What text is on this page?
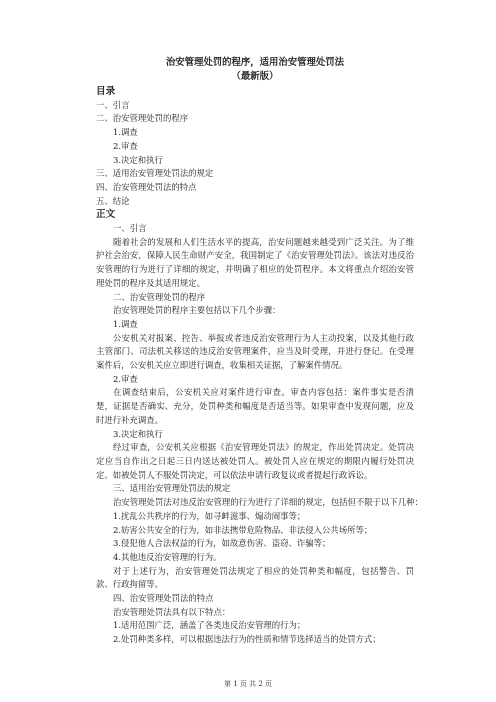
治安管理处罚的程序，适用治安管理处罚法

（最新版）

目录

一、引言

二、治安管理处罚的程序

1.调查

2.审查

3.决定和执行

三、适用治安管理处罚法的规定

四、治安管理处罚法的特点

五、结论

正文

一、引言

随着社会的发展和人们生活水平的提高，治安问题越来越受到广泛关注。为了维护社会治安，保障人民生命财产安全，我国制定了《治安管理处罚法》。该法对违反治安管理的行为进行了详细的规定，并明确了相应的处罚程序。本文将重点介绍治安管理处罚的程序及其适用规定。

二、治安管理处罚的程序

治安管理处罚的程序主要包括以下几个步骤：

1.调查

公安机关对报案、控告、举报或者违反治安管理行为人主动投案，以及其他行政主管部门、司法机关移送的违反治安管理案件，应当及时受理，并进行登记。在受理案件后，公安机关应立即进行调查，收集相关证据，了解案件情况。

2.审查

在调查结束后，公安机关应对案件进行审查。审查内容包括：案件事实是否清楚，证据是否确实、充分，处罚种类和幅度是否适当等。如果审查中发现问题，应及时进行补充调查。

3.决定和执行

经过审查，公安机关应根据《治安管理处罚法》的规定，作出处罚决定。处罚决定应当自作出之日起三日内送达被处罚人。被处罚人应在规定的期限内履行处罚决定。如被处罚人不服处罚决定，可以依法申请行政复议或者提起行政诉讼。

三、适用治安管理处罚法的规定

治安管理处罚法对违反治安管理的行为进行了详细的规定，包括但不限于以下几种：

1.扰乱公共秩序的行为，如寻衅滋事、煽动闹事等；

2.妨害公共安全的行为，如非法携带危险物品、非法侵入公共场所等；

3.侵犯他人合法权益的行为，如故意伤害、盗窃、诈骗等；

4.其他违反治安管理的行为。

对于上述行为，治安管理处罚法规定了相应的处罚种类和幅度，包括警告、罚款、行政拘留等。

四、治安管理处罚法的特点

治安管理处罚法具有以下特点：

1.适用范围广泛，涵盖了各类违反治安管理的行为；

2.处罚种类多样，可以根据违法行为的性质和情节选择适当的处罚方式；

第 1 页 共 2 页
